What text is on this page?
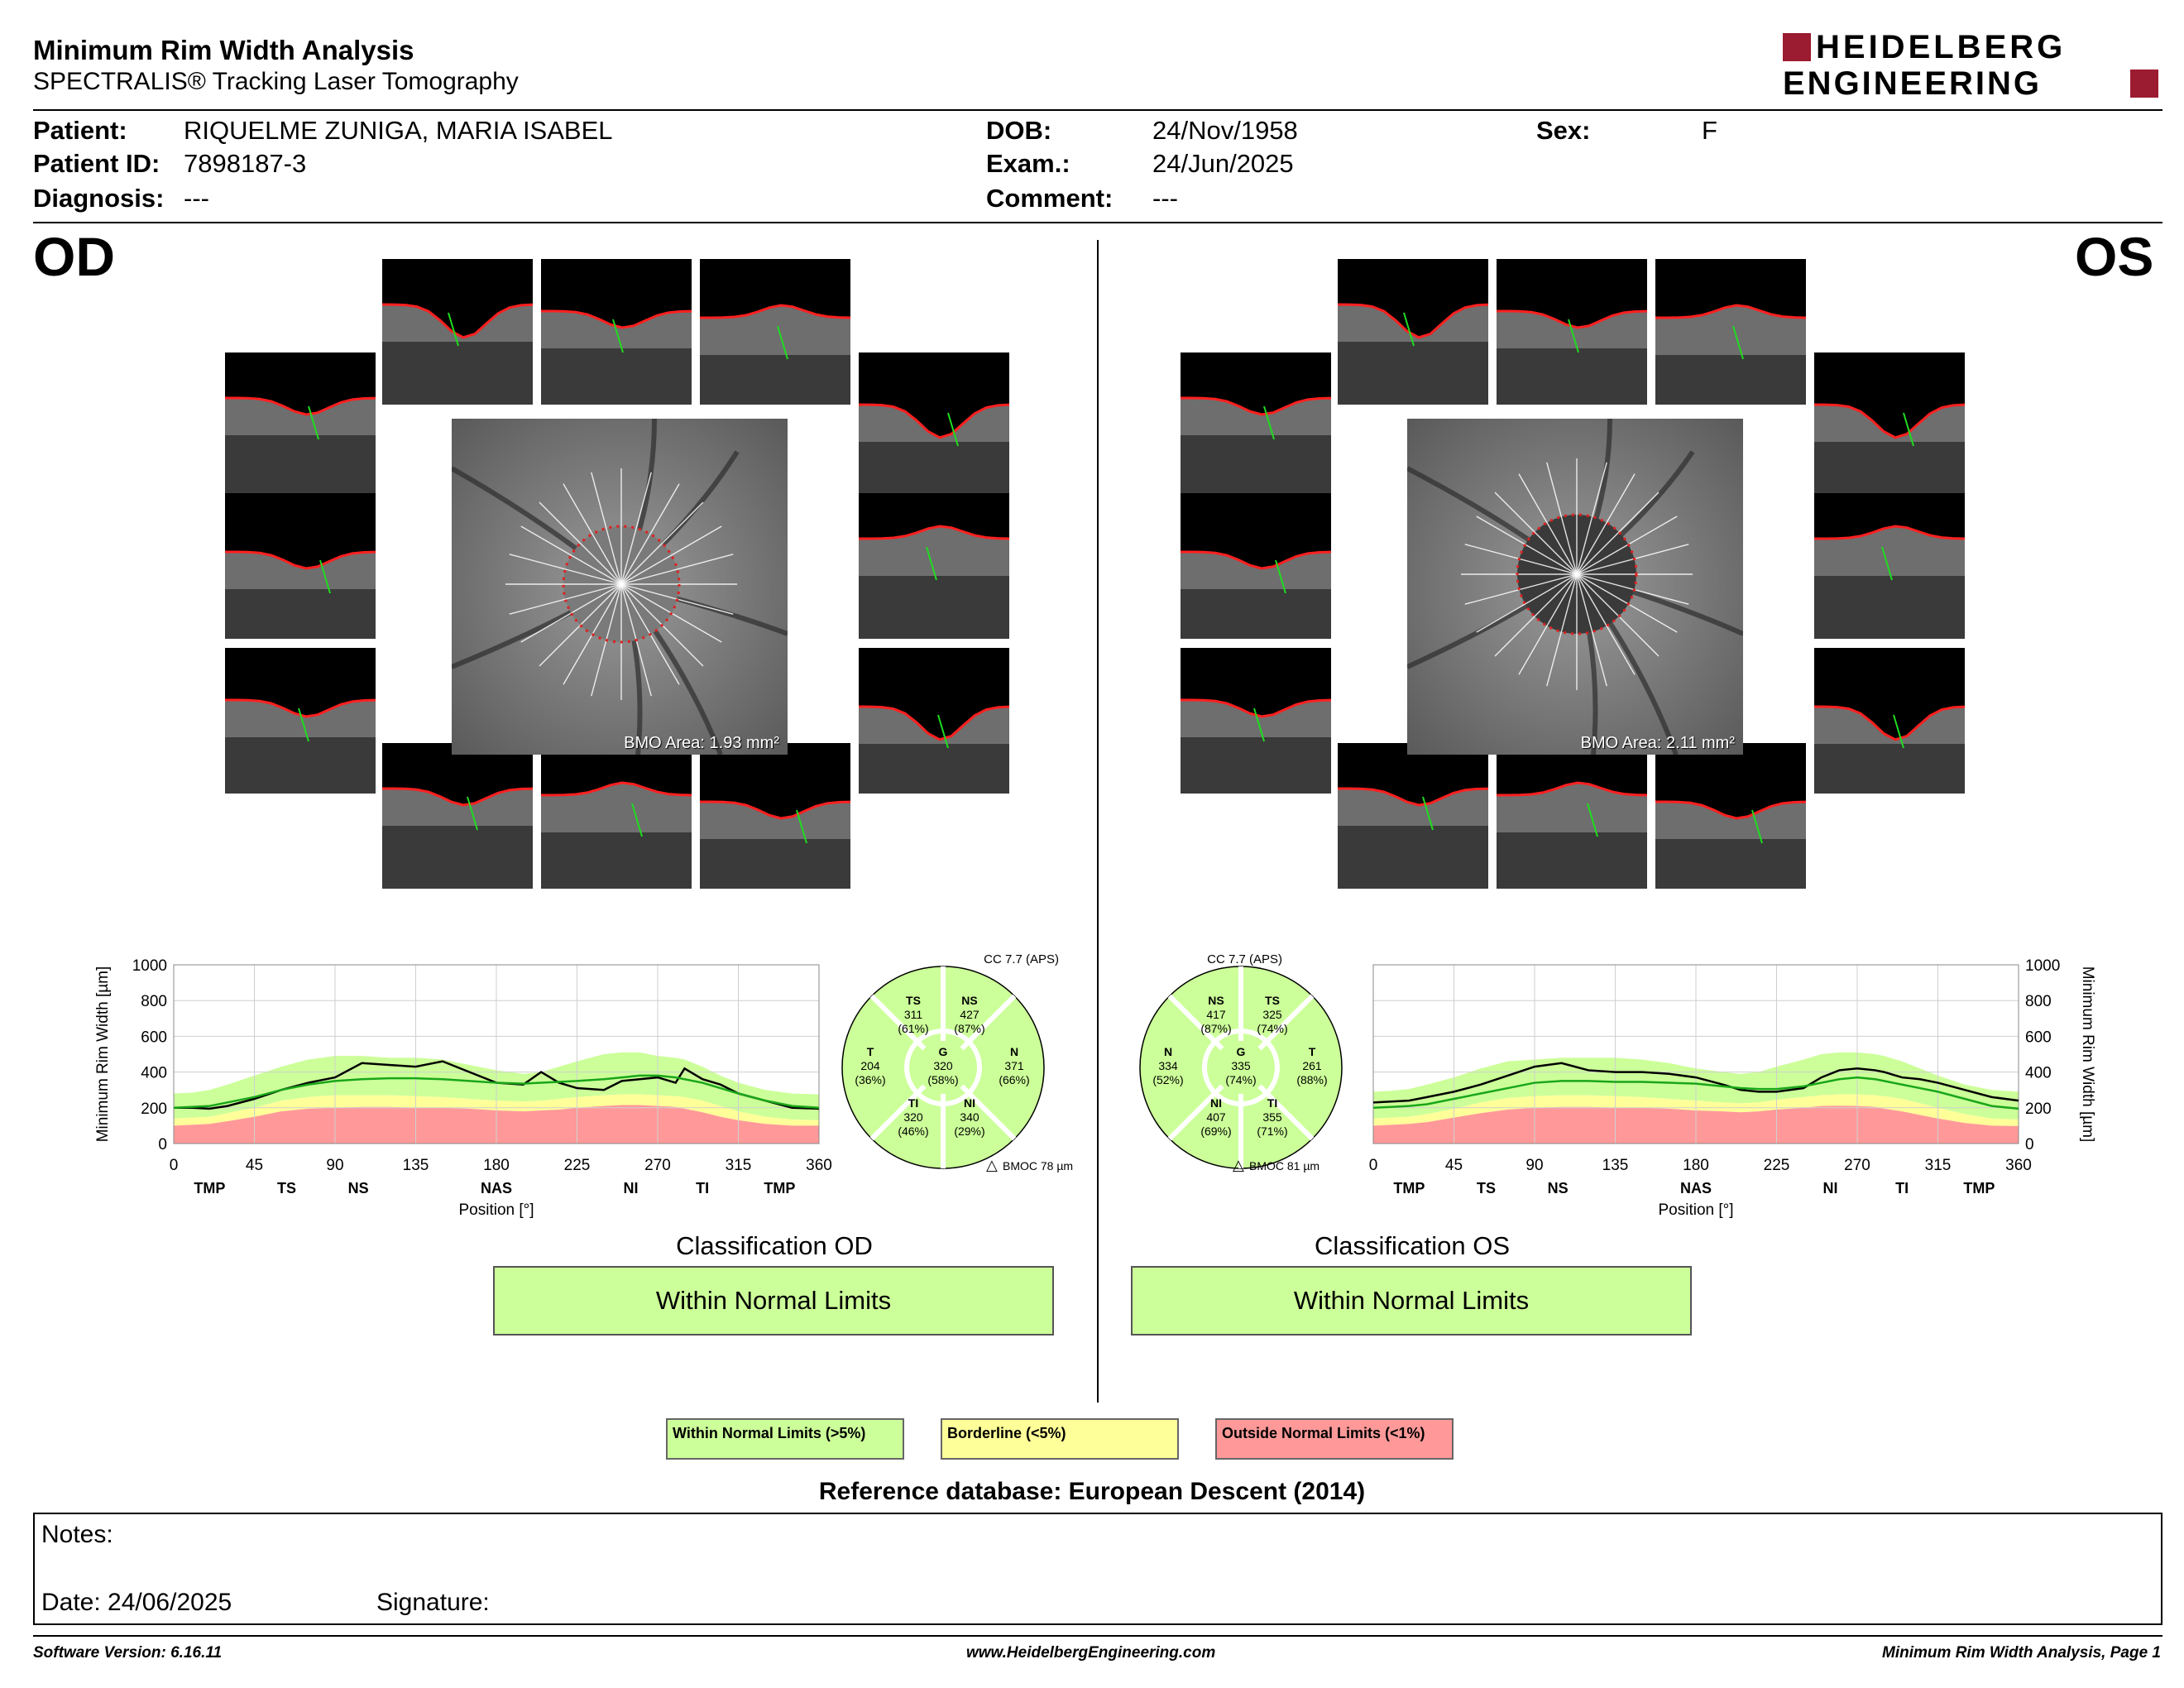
Minimum Rim Width Analysis
SPECTRALIS® Tracking Laser Tomography
HEIDELBERG
ENGINEERING
Patient: RIQUELME ZUNIGA, MARIA ISABEL
Patient ID: 7898187-3
Diagnosis: ---
DOB:	24/Nov/1958
Exam.:	24/Jun/2025
Comment: ---
Sex:	F
OD	OS
BMO Area: 1.93 mm²	BMO Area: 2.11 mm²
0
200
400
600
800
1000
0	45	90	135	180	225	270	315	360
TMP	TS	NS	NAS	NI	TI	TMP
Position [°]
Minimum Rim Width [µm]
0
200
400
600
800
1000
0	45	90	135	180	225	270	315	360
TMP	TS	NS	NAS	NI	TI	TMP
Position [°]
Minimum Rim Width [µm]
CC 7.7 (APS)
TS
311
(61%)
NS
427
(87%)
T
204
(36%)
G
320
(58%)
N
371
(66%)
TI
320
(46%)
NI
340
(29%)
△ BMOC 78 µm
CC 7.7 (APS)
NS
417
(87%)
TS
325
(74%)
N
334
(52%)
G
335
(74%)
T
261
(88%)
NI
407
(69%)
TI
355
(71%)
△ BMOC 81 µm
Classification OD
Within Normal Limits
Classification OS
Within Normal Limits
Within Normal Limits (>5%)	Borderline (<5%)	Outside Normal Limits (<1%)
Reference database: European Descent (2014)
Notes:
Date: 24/06/2025	Signature:
Software Version: 6.16.11	www.HeidelbergEngineering.com	Minimum Rim Width Analysis, Page 1
